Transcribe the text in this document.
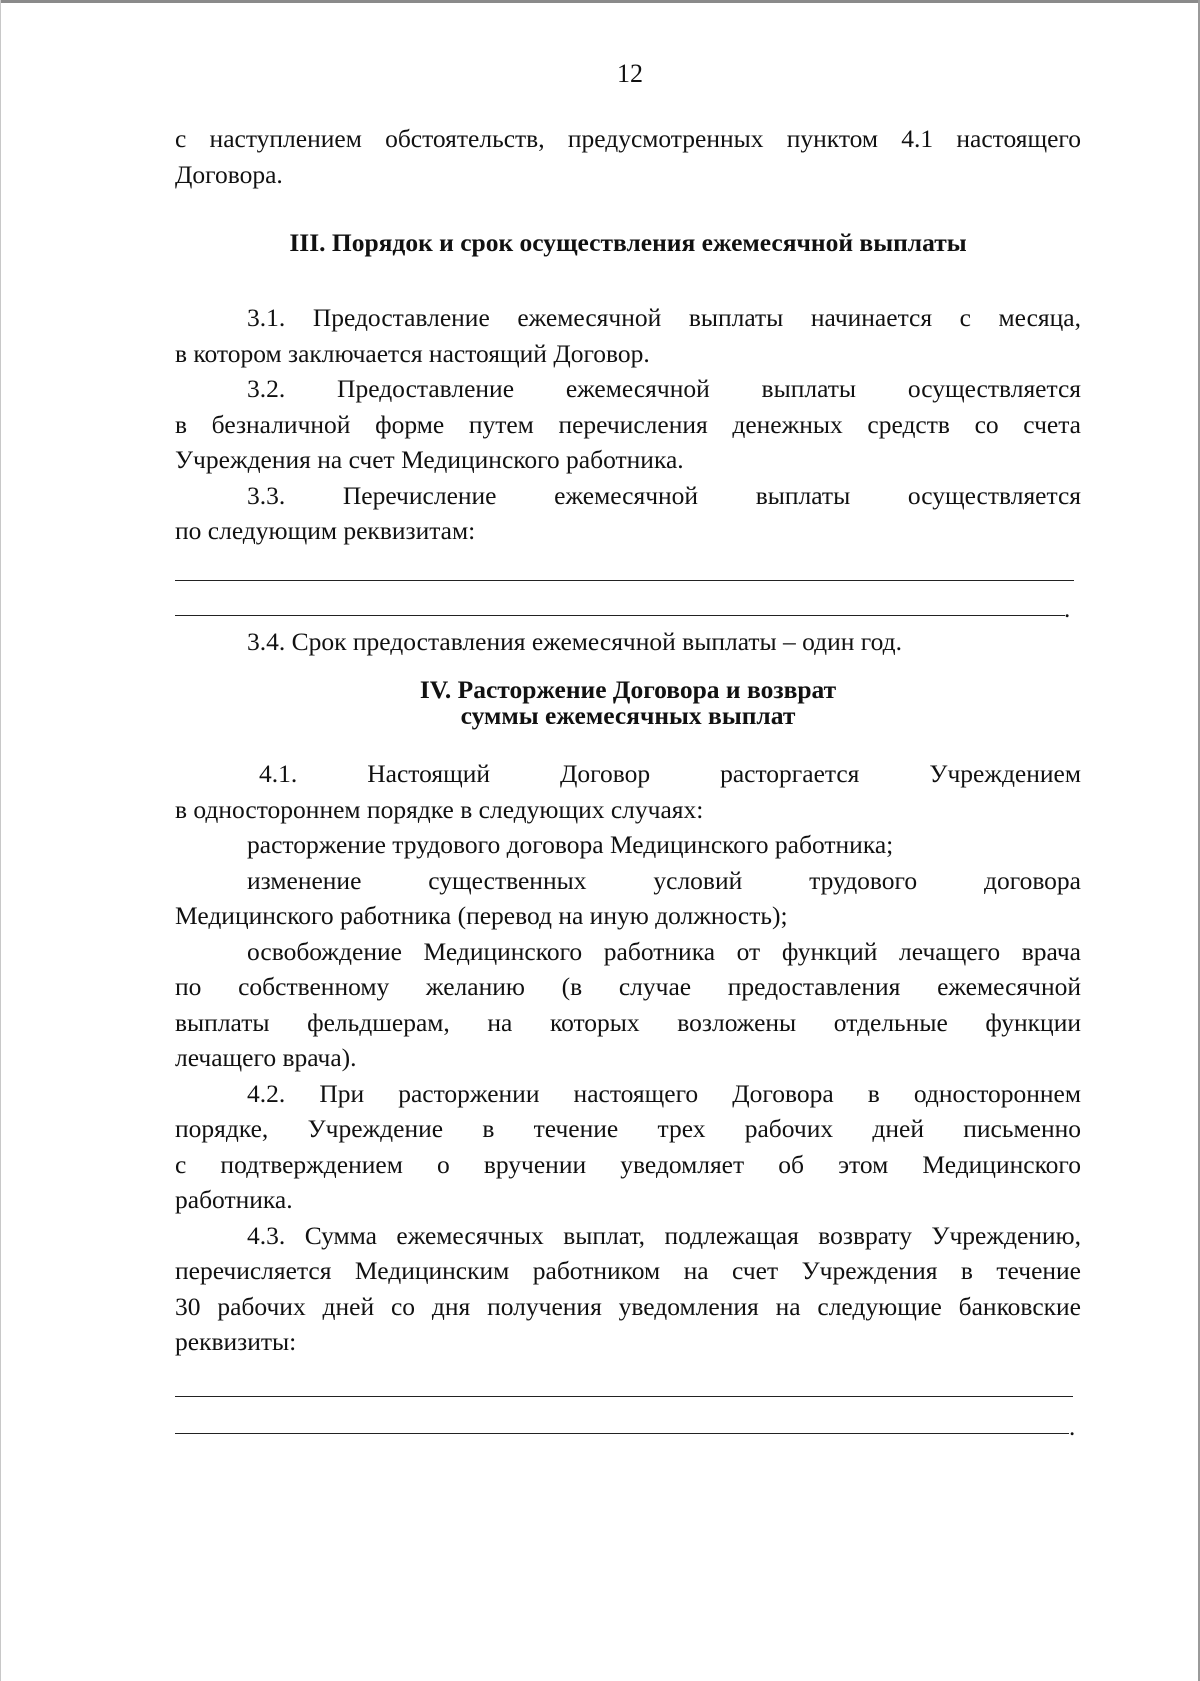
12
с наступлением обстоятельств, предусмотренных пунктом 4.1 настоящего
Договора.
III. Порядок и срок осуществления ежемесячной выплаты
3.1. Предоставление ежемесячной выплаты начинается с месяца,
в котором заключается настоящий Договор.
3.2. Предоставление ежемесячной выплаты осуществляется
в безналичной форме путем перечисления денежных средств со счета
Учреждения на счет Медицинского работника.
3.3. Перечисление ежемесячной выплаты осуществляется
по следующим реквизитам:
.
3.4. Срок предоставления ежемесячной выплаты – один год.
IV. Расторжение Договора и возврат
суммы ежемесячных выплат
4.1. Настоящий Договор расторгается Учреждением
в одностороннем порядке в следующих случаях:
расторжение трудового договора Медицинского работника;
изменение существенных условий трудового договора
Медицинского работника (перевод на иную должность);
освобождение Медицинского работника от функций лечащего врача
по собственному желанию (в случае предоставления ежемесячной
выплаты фельдшерам, на которых возложены отдельные функции
лечащего врача).
4.2. При расторжении настоящего Договора в одностороннем
порядке, Учреждение в течение трех рабочих дней письменно
с подтверждением о вручении уведомляет об этом Медицинского
работника.
4.3. Сумма ежемесячных выплат, подлежащая возврату Учреждению,
перечисляется Медицинским работником на счет Учреждения в течение
30 рабочих дней со дня получения уведомления на следующие банковские
реквизиты:
.
